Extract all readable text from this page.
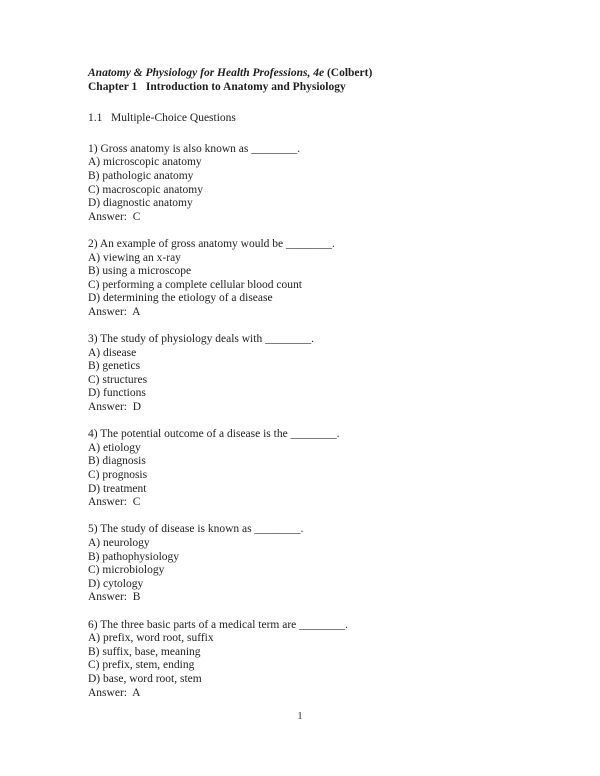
Anatomy & Physiology for Health Professions, 4e (Colbert)
Chapter 1   Introduction to Anatomy and Physiology
1.1   Multiple-Choice Questions
1) Gross anatomy is also known as ________.
A) microscopic anatomy
B) pathologic anatomy
C) macroscopic anatomy
D) diagnostic anatomy
Answer:  C
2) An example of gross anatomy would be ________.
A) viewing an x-ray
B) using a microscope
C) performing a complete cellular blood count
D) determining the etiology of a disease
Answer:  A
3) The study of physiology deals with ________.
A) disease
B) genetics
C) structures
D) functions
Answer:  D
4) The potential outcome of a disease is the ________.
A) etiology
B) diagnosis
C) prognosis
D) treatment
Answer:  C
5) The study of disease is known as ________.
A) neurology
B) pathophysiology
C) microbiology
D) cytology
Answer:  B
6) The three basic parts of a medical term are ________.
A) prefix, word root, suffix
B) suffix, base, meaning
C) prefix, stem, ending
D) base, word root, stem
Answer:  A
1
